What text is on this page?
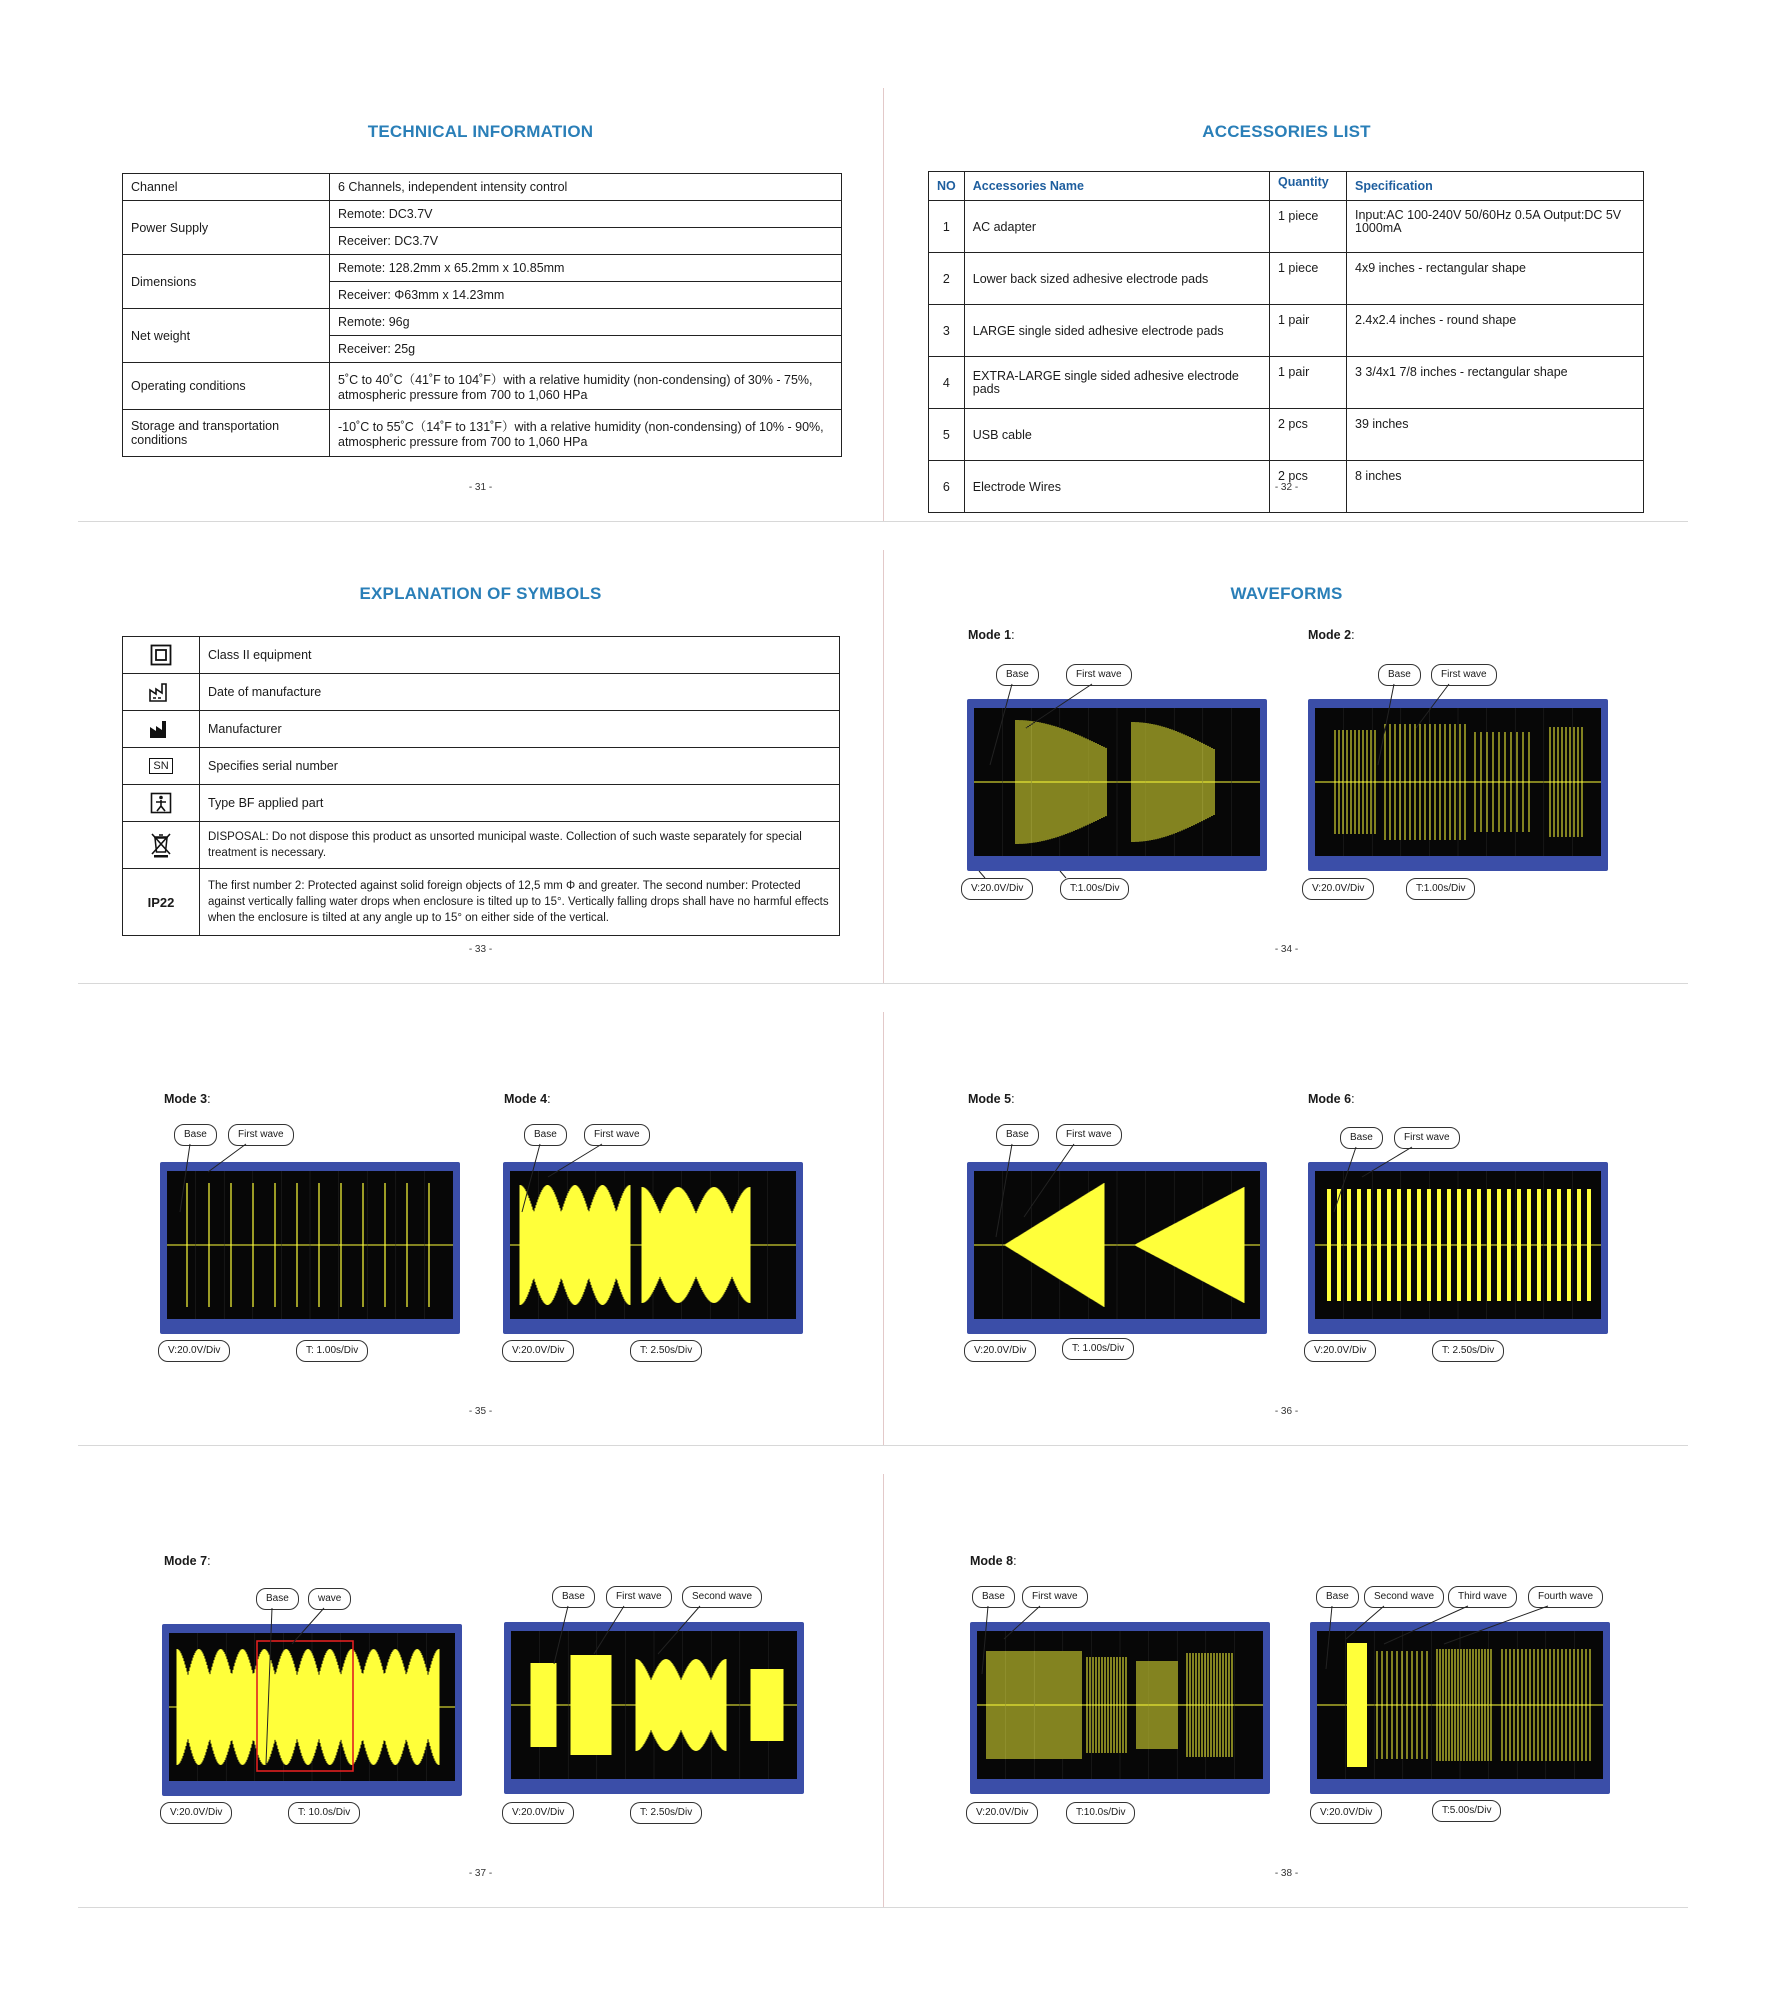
TECHNICAL INFORMATION
Channel	6 Channels, independent intensity control
Power Supply	Remote: DC3.7V
	Receiver: DC3.7V
Dimensions	Remote: 128.2mm x 65.2mm x 10.85mm
	Receiver: Φ63mm x 14.23mm
Net weight	Remote: 96g
	Receiver: 25g
Operating conditions	5˚C to 40˚C（41˚F to 104˚F）with a relative humidity (non-condensing) of 30% - 75%, atmospheric pressure from 700 to 1,060 HPa
Storage and transportation conditions	-10˚C to 55˚C（14˚F to 131˚F）with a relative humidity (non-condensing) of 10% - 90%, atmospheric pressure from 700 to 1,060 HPa
- 31 -
ACCESSORIES LIST
NO	Accessories Name	Quantity	Specification
1	AC adapter	1 piece	Input:AC 100-240V 50/60Hz 0.5A Output:DC 5V 1000mA
2	Lower back sized adhesive electrode pads	1 piece	4x9 inches - rectangular shape
3	LARGE single sided adhesive electrode pads	1 pair	2.4x2.4 inches - round shape
4	EXTRA-LARGE single sided adhesive electrode pads	1 pair	3 3/4x1 7/8 inches - rectangular shape
5	USB cable	2 pcs	39 inches
6	Electrode Wires	2 pcs	8 inches
- 32 -
EXPLANATION OF SYMBOLS
	Class II equipment
	Date of manufacture
	Manufacturer
SN	Specifies serial number
	Type BF applied part
	DISPOSAL: Do not dispose this product as unsorted municipal waste. Collection of such waste separately for special treatment is necessary.
IP22	The first number 2: Protected against solid foreign objects of 12,5 mm Φ and greater. The second number: Protected against vertically falling water drops when enclosure is tilted up to 15°. Vertically falling drops shall have no harmful effects when the enclosure is tilted at any angle up to 15° on either side of the vertical.
- 33 -
WAVEFORMS
Mode 1:
Base	First wave
V:20.0V/Div	T:1.00s/Div
Mode 2:
Base	First wave
V:20.0V/Div	T:1.00s/Div
- 34 -
Mode 3:
Base	First wave
V:20.0V/Div	T: 1.00s/Div
Mode 4:
Base	First wave
V:20.0V/Div	T: 2.50s/Div
- 35 -
Mode 5:
Base	First wave
V:20.0V/Div	T: 1.00s/Div
Mode 6:
Base	First wave
V:20.0V/Div	T: 2.50s/Div
- 36 -
Mode 7:
Base	wave
V:20.0V/Div	T: 10.0s/Div
Base	First wave	Second wave
V:20.0V/Div	T: 2.50s/Div
- 37 -
Mode 8:
Base	First wave
V:20.0V/Div	T:10.0s/Div
Base	Second wave	Third wave	Fourth wave
V:20.0V/Div	T:5.00s/Div
- 38 -
